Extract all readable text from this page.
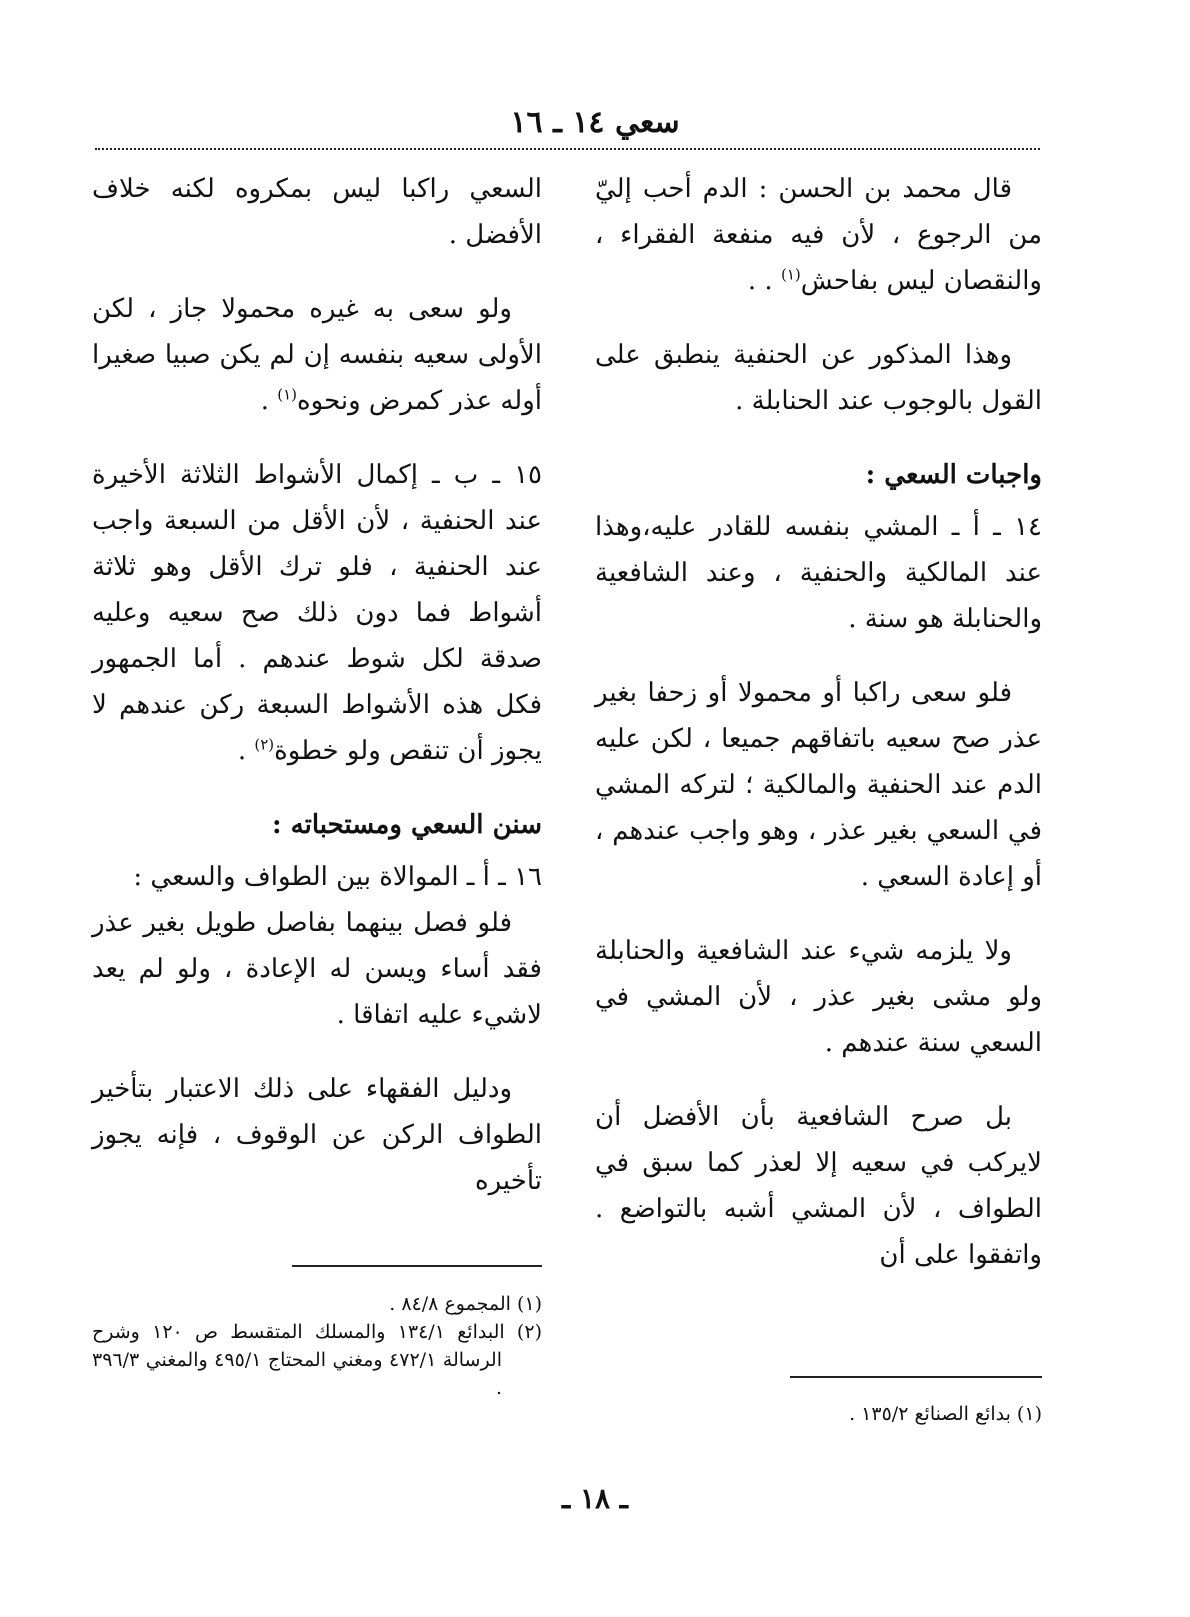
سعي ١٤ ـ ١٦

قال محمد بن الحسن : الدم أحب إليّ من الرجوع ، لأن فيه منفعة الفقراء ، والنقصان ليس بفاحش$^{(١)}$ . .

وهذا المذكور عن الحنفية ينطبق على القول بالوجوب عند الحنابلة .

واجبات السعي :

١٤ ـ أ ـ المشي بنفسه للقادر عليه،وهذا عند المالكية والحنفية ، وعند الشافعية والحنابلة هو سنة .

فلو سعى راكبا أو محمولا أو زحفا بغير عذر صح سعيه باتفاقهم جميعا ، لكن عليه الدم عند الحنفية والمالكية ؛ لتركه المشي في السعي بغير عذر ، وهو واجب عندهم ، أو إعادة السعي .

ولا يلزمه شيء عند الشافعية والحنابلة ولو مشى بغير عذر ، لأن المشي في السعي سنة عندهم .

بل صرح الشافعية بأن الأفضل أن لايركب في سعيه إلا لعذر كما سبق في الطواف ، لأن المشي أشبه بالتواضع . واتفقوا على أن

السعي راكبا ليس بمكروه لكنه خلاف الأفضل .

ولو سعى به غيره محمولا جاز ، لكن الأولى سعيه بنفسه إن لم يكن صبيا صغيرا أوله عذر كمرض ونحوه$^{(١)}$ .

١٥ ـ ب ـ إكمال الأشواط الثلاثة الأخيرة عند الحنفية ، لأن الأقل من السبعة واجب عند الحنفية ، فلو ترك الأقل وهو ثلاثة أشواط فما دون ذلك صح سعيه وعليه صدقة لكل شوط عندهم . أما الجمهور فكل هذه الأشواط السبعة ركن عندهم لا يجوز أن تنقص ولو خطوة$^{(٢)}$ .

سنن السعي ومستحباته :

١٦ ـ أ ـ الموالاة بين الطواف والسعي :

فلو فصل بينهما بفاصل طويل بغير عذر فقد أساء ويسن له الإعادة ، ولو لم يعد لاشيء عليه اتفاقا .

ودليل الفقهاء على ذلك الاعتبار بتأخير الطواف الركن عن الوقوف ، فإنه يجوز تأخيره

(١) بدائع الصنائع ١٣٥/٢ .

(١) المجموع ٨٤/٨ .

(٢) البدائع ١٣٤/١ والمسلك المتقسط ص ١٢٠ وشرح الرسالة ٤٧٢/١ ومغني المحتاج ٤٩٥/١ والمغني ٣٩٦/٣ .

ـ ١٨ ـ
